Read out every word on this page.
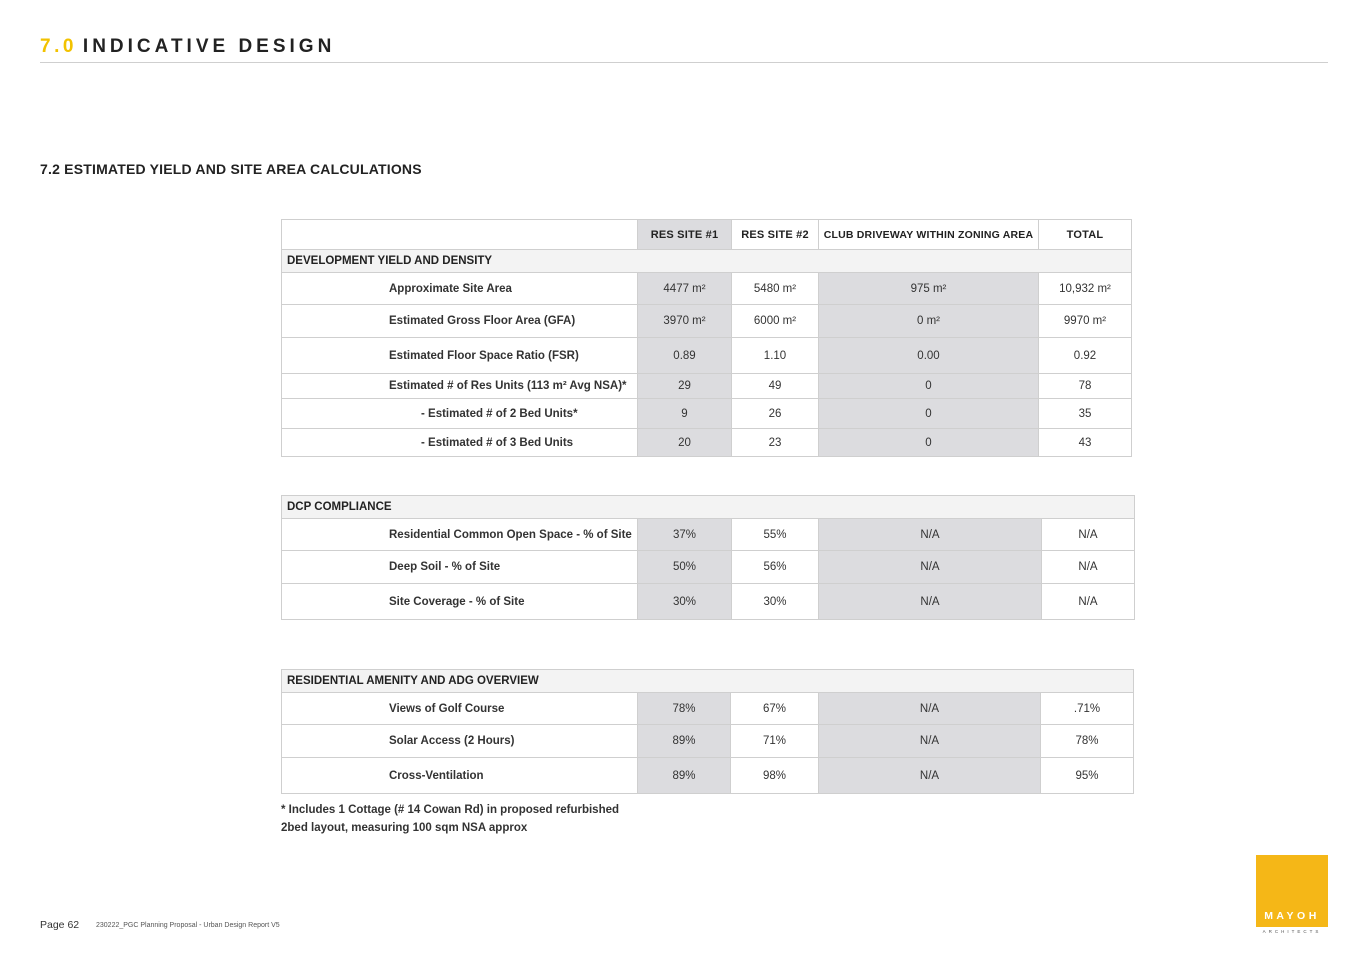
7.0 INDICATIVE DESIGN
7.2 ESTIMATED YIELD AND SITE AREA CALCULATIONS
	RES SITE #1	RES SITE #2	CLUB DRIVEWAY WITHIN ZONING AREA	TOTAL
DEVELOPMENT YIELD AND DENSITY				
Approximate Site Area	4477 m²	5480 m²	975 m²	10,932 m²
Estimated Gross Floor Area (GFA)	3970 m²	6000 m²	0 m²	9970 m²
Estimated Floor Space Ratio (FSR)	0.89	1.10	0.00	0.92
Estimated # of Res Units (113 m² Avg NSA)*	29	49	0	78
- Estimated # of 2 Bed Units*	9	26	0	35
- Estimated # of 3 Bed Units	20	23	0	43
DCP COMPLIANCE				
Residential Common Open Space - % of Site	37%	55%	N/A	N/A
Deep Soil - % of Site	50%	56%	N/A	N/A
Site Coverage - % of Site	30%	30%	N/A	N/A
RESIDENTIAL AMENITY AND ADG OVERVIEW				
Views of Golf Course	78%	67%	N/A	.71%
Solar Access (2 Hours)	89%	71%	N/A	78%
Cross-Ventilation	89%	98%	N/A	95%
* Includes 1 Cottage (# 14 Cowan Rd) in proposed refurbished
2bed layout, measuring 100 sqm NSA approx
Page 62 230222_PGC Planning Proposal - Urban Design Report V5
MAYOH
ARCHITECTS
